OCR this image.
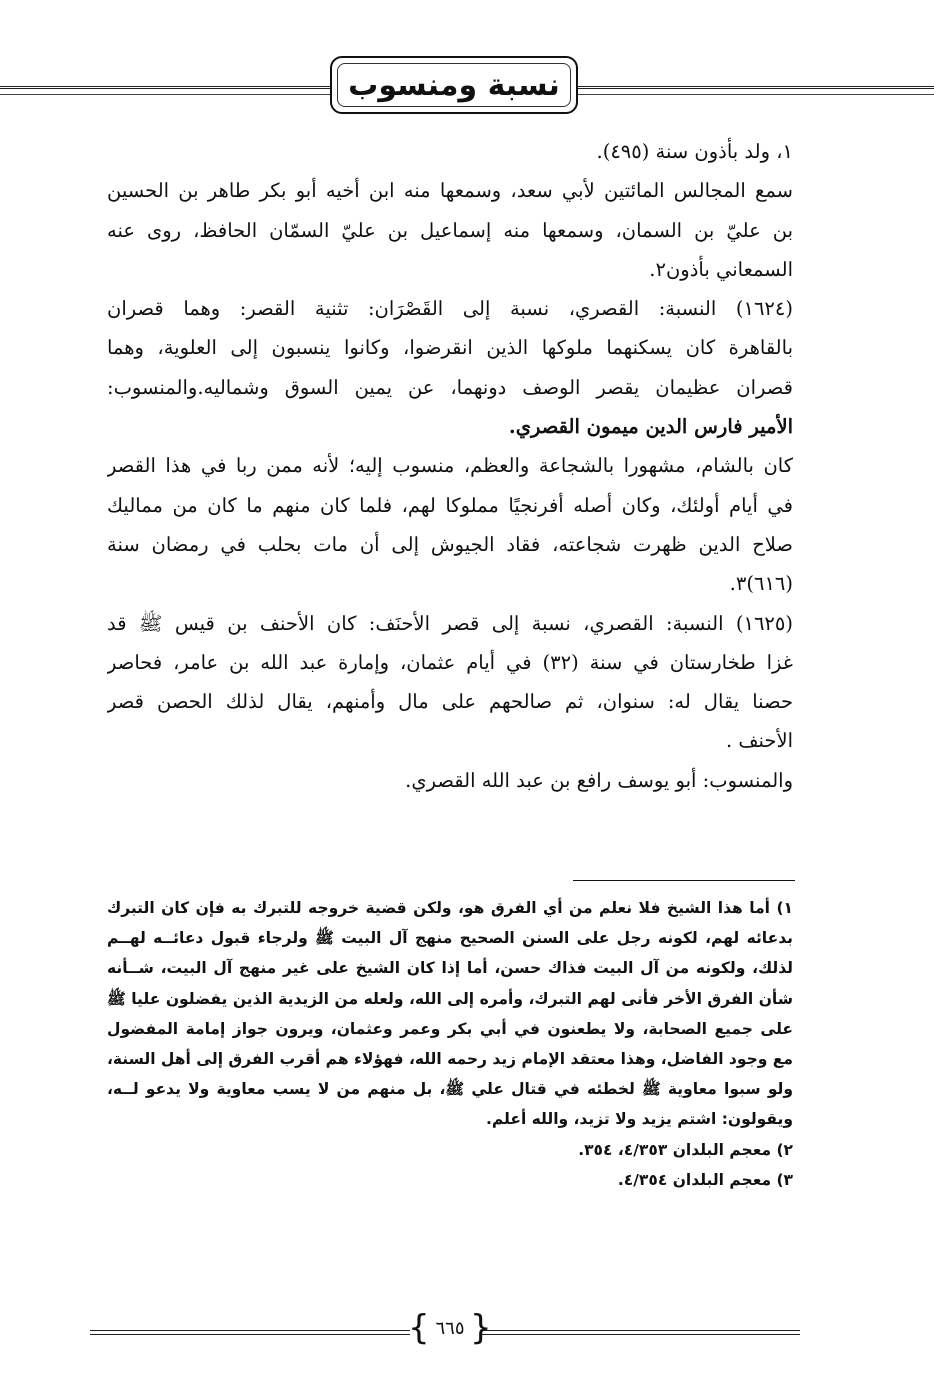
نسبة ومنسوب
١، ولد بأذون سنة (٤٩٥).
سمع المجالس المائتين لأبي سعد، وسمعها منه ابن أخيه أبو بكر طاهر بن الحسين
بن عليّ بن السمان، وسمعها منه إسماعيل بن عليّ السمّان الحافظ، روى عنه
السمعاني بأذون٢.
(١٦٢٤) النسبة: القصري، نسبة إلى القَصْرَان: تثنية القصر: وهما قصران
بالقاهرة كان يسكنهما ملوكها الذين انقرضوا، وكانوا ينسبون إلى العلوية، وهما
قصران عظيمان يقصر الوصف دونهما، عن يمين السوق وشماليه.والمنسوب:
الأمير فارس الدين ميمون القصري.
كان بالشام، مشهورا بالشجاعة والعظم، منسوب إليه؛ لأنه ممن ربا في هذا القصر
في أيام أولئك، وكان أصله أفرنجيًا مملوكا لهم، فلما كان منهم ما كان من مماليك
صلاح الدين ظهرت شجاعته، فقاد الجيوش إلى أن مات بحلب في رمضان سنة
(٦١٦)٣.
(١٦٢٥) النسبة: القصري، نسبة إلى قصر الأحنَف: كان الأحنف بن قيس ﷺ قد
غزا طخارستان في سنة (٣٢) في أيام عثمان، وإمارة عبد الله بن عامر، فحاصر
حصنا يقال له: سنوان، ثم صالحهم على مال وأمنهم، يقال لذلك الحصن قصر
الأحنف .
والمنسوب: أبو يوسف رافع بن عبد الله القصري.
١) أما هذا الشيخ فلا نعلم من أي الفرق هو، ولكن قضية خروجه للتبرك به فإن كان التبرك
بدعائه لهم، لكونه رجل على السنن الصحيح منهج آل البيت ﷺ ولرجاء قبول دعائــه لهــم
لذلك، ولكونه من آل البيت فذاك حسن، أما إذا كان الشيخ على غير منهج آل البيت، شــأنه
شأن الفرق الأخر فأنى لهم التبرك، وأمره إلى الله، ولعله من الزيدية الذين يفضلون عليا ﷺ
على جميع الصحابة، ولا يطعنون في أبي بكر وعمر وعثمان، ويرون جواز إمامة المفضول
مع وجود الفاضل، وهذا معتقد الإمام زيد رحمه الله، فهؤلاء هم أقرب الفرق إلى أهل السنة،
ولو سبوا معاوية ﷺ لخطئه في قتال علي ﷺ، بل منهم من لا يسب معاوية ولا يدعو لــه،
ويقولون: اشتم يزيد ولا تزيد، والله أعلم.
٢) معجم البلدان ٤/٣٥٣، ٣٥٤.
٣) معجم البلدان ٤/٣٥٤.
{ }
٦٦٥
